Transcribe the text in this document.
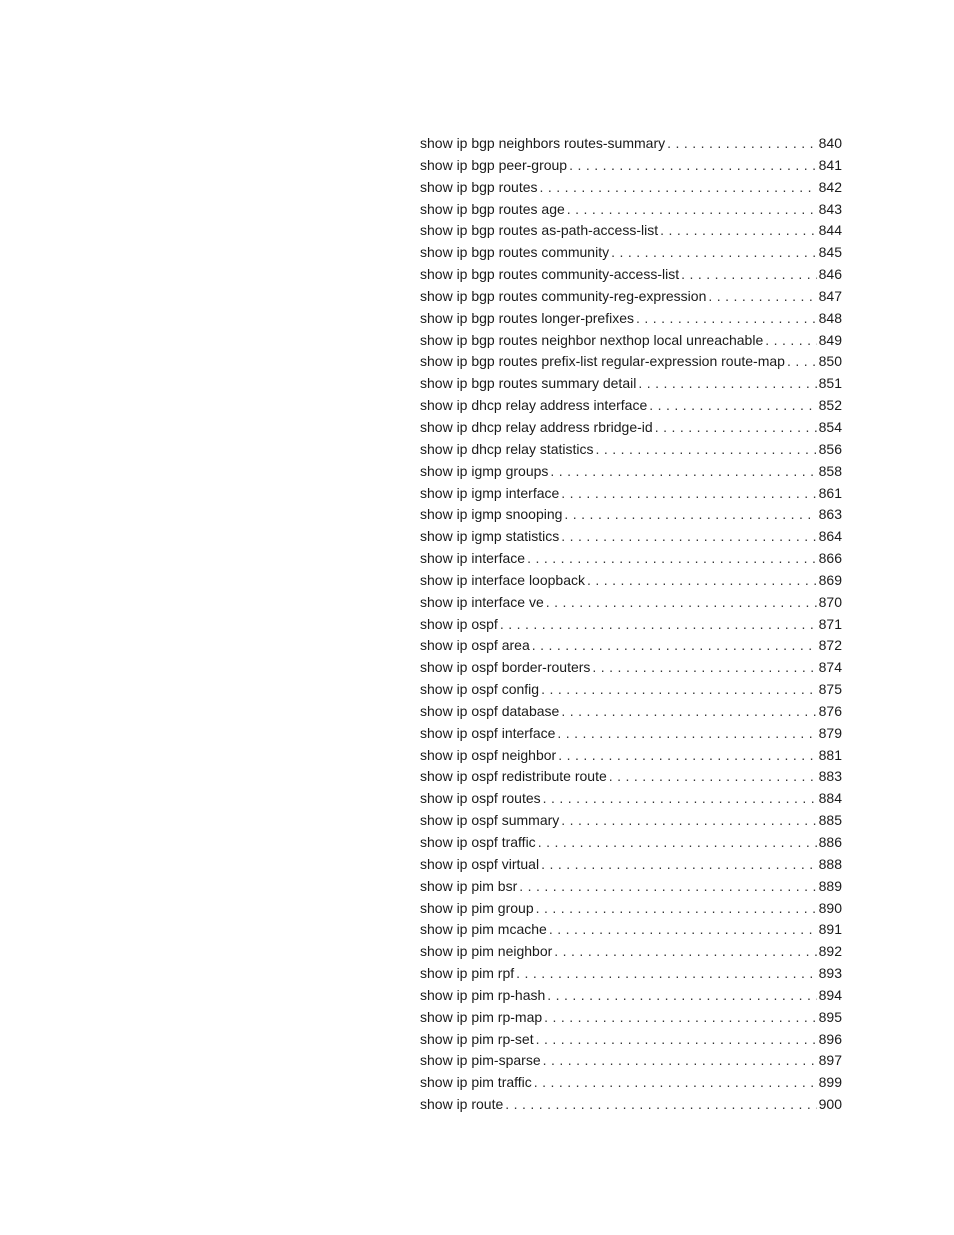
show ip bgp neighbors routes-summary . . .	840
show ip bgp peer-group . . .	841
show ip bgp routes . . .	842
show ip bgp routes age . . .	843
show ip bgp routes as-path-access-list . . .	844
show ip bgp routes community . . .	845
show ip bgp routes community-access-list . . .	846
show ip bgp routes community-reg-expression . . .	847
show ip bgp routes longer-prefixes . . .	848
show ip bgp routes neighbor nexthop local unreachable . . .	849
show ip bgp routes prefix-list regular-expression route-map . . . 850
show ip bgp routes summary detail . . .	851
show ip dhcp relay address interface . . .	852
show ip dhcp relay address rbridge-id . . .	854
show ip dhcp relay statistics . . .	856
show ip igmp groups . . .	858
show ip igmp interface . . .	861
show ip igmp snooping . . .	863
show ip igmp statistics . . .	864
show ip interface . . .	866
show ip interface loopback . . .	869
show ip interface ve . . .	870
show ip ospf . . .	871
show ip ospf area . . .	872
show ip ospf border-routers . . .	874
show ip ospf config . . .	875
show ip ospf database . . .	876
show ip ospf interface . . .	879
show ip ospf neighbor . . .	881
show ip ospf redistribute route . . .	883
show ip ospf routes . . .	884
show ip ospf summary . . .	885
show ip ospf traffic . . .	886
show ip ospf virtual . . .	888
show ip pim bsr . . .	889
show ip pim group . . .	890
show ip pim mcache . . .	891
show ip pim neighbor . . .	892
show ip pim rpf . . .	893
show ip pim rp-hash . . .	894
show ip pim rp-map . . .	895
show ip pim rp-set . . .	896
show ip pim-sparse . . .	897
show ip pim traffic . . .	899
show ip route . . .	900
